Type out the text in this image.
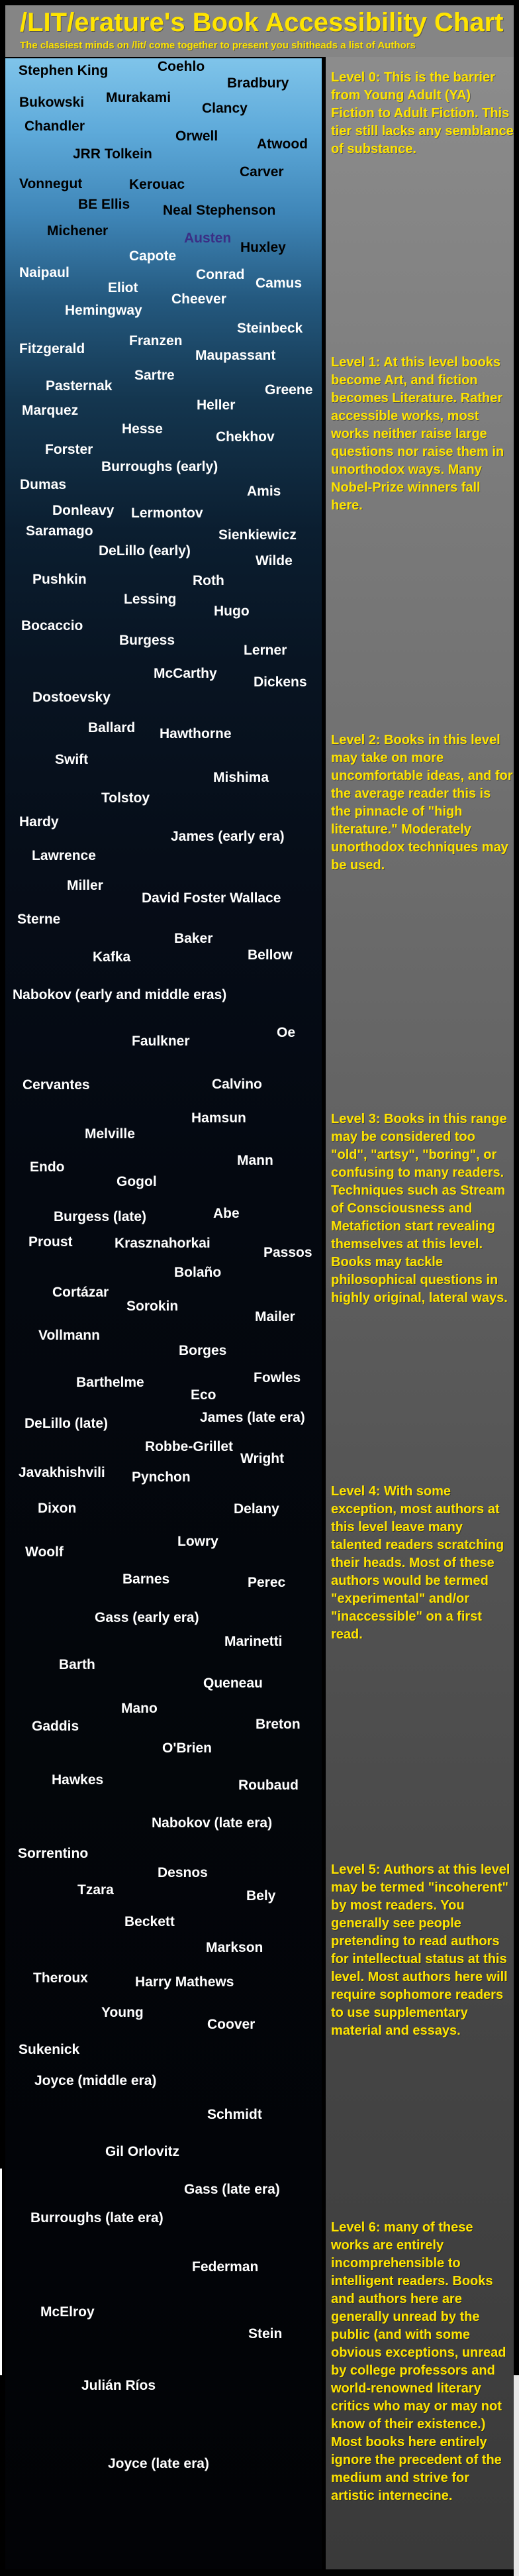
/LIT/erature's Book Accessibility Chart
The classiest minds on /lit/ come together to present you shitheads a list of Authors
Stephen King	Coehlo
Bradbury
Bukowski Murakami
Clancy
Chandler
Orwell
Atwood
JRR Tolkein
Carver
Vonnegut	Kerouac
BE Ellis Neal Stephenson
Michener	Austen
Huxley
Capote
Naipaul	Conrad
Camus
Eliot
Cheever
Hemingway
Steinbeck
Franzen
Fitzgerald	Maupassant
Sartre
Pasternak	Greene
Heller
Marquez
Hesse
Chekhov
Forster
Burroughs (early)
Dumas	Amis
Donleavy Lermontov
Saramago	Sienkiewicz
DeLillo (early)
Wilde
Pushkin	Roth
Lessing
Hugo
Bocaccio
Burgess
Lerner
McCarthy
Dickens
Dostoevsky
Ballard Hawthorne
Swift
Mishima
Tolstoy
Hardy
James (early era)
Lawrence
Miller
David Foster Wallace
Sterne
Baker
Kafka	Bellow
Nabokov (early and middle eras)
Oe
Faulkner
Cervantes	Calvino
Hamsun
Melville
Mann
Endo
Gogol
Burgess (late)	Abe
Proust	Krasznahorkai
Passos
Bolaño
Cortázar
Sorokin
Mailer
Vollmann
Borges
Fowles
Barthelme
Eco
DeLillo (late)	James (late era)
Robbe-Grillet
Wright
Javakhishvili Pynchon
Dixon	Delany
Lowry
Woolf
Barnes	Perec
Gass (early era)
Marinetti
Barth
Queneau
Mano
Gaddis	Breton
O'Brien
Hawkes	Roubaud
Nabokov (late era)
Sorrentino
Desnos
Tzara	Bely
Beckett
Markson
Theroux	Harry Mathews
Young
Coover
Sukenick
Joyce (middle era)
Schmidt
Gil Orlovitz
Gass (late era)
Burroughs (late era)
Federman
McElroy
Stein
Julián Ríos
Joyce (late era)
Level 0: This is the barrier from Young Adult (YA) Fiction to Adult Fiction. This tier still lacks any semblance of substance.
Level 1: At this level books become Art, and fiction becomes Literature. Rather accessible works, most works neither raise large questions nor raise them in unorthodox ways. Many Nobel-Prize winners fall here.
Level 2: Books in this level may take on more uncomfortable ideas, and for the average reader this is the pinnacle of "high literature." Moderately unorthodox techniques may be used.
Level 3: Books in this range may be considered too "old", "artsy", "boring", or confusing to many readers. Techniques such as Stream of Consciousness and Metafiction start revealing themselves at this level. Books may tackle philosophical questions in highly original, lateral ways.
Level 4: With some exception, most authors at this level leave many talented readers scratching their heads. Most of these authors would be termed "experimental" and/or "inaccessible" on a first read.
Level 5: Authors at this level may be termed "incoherent" by most readers. You generally see people pretending to read authors for intellectual status at this level. Most authors here will require sophomore readers to use supplementary material and essays.
Level 6: many of these works are entirely incomprehensible to intelligent readers. Books and authors here are generally unread by the public (and with some obvious exceptions, unread by college professors and world-renowned literary critics who may or may not know of their existence.) Most books here entirely ignore the precedent of the medium and strive for artistic internecine.
